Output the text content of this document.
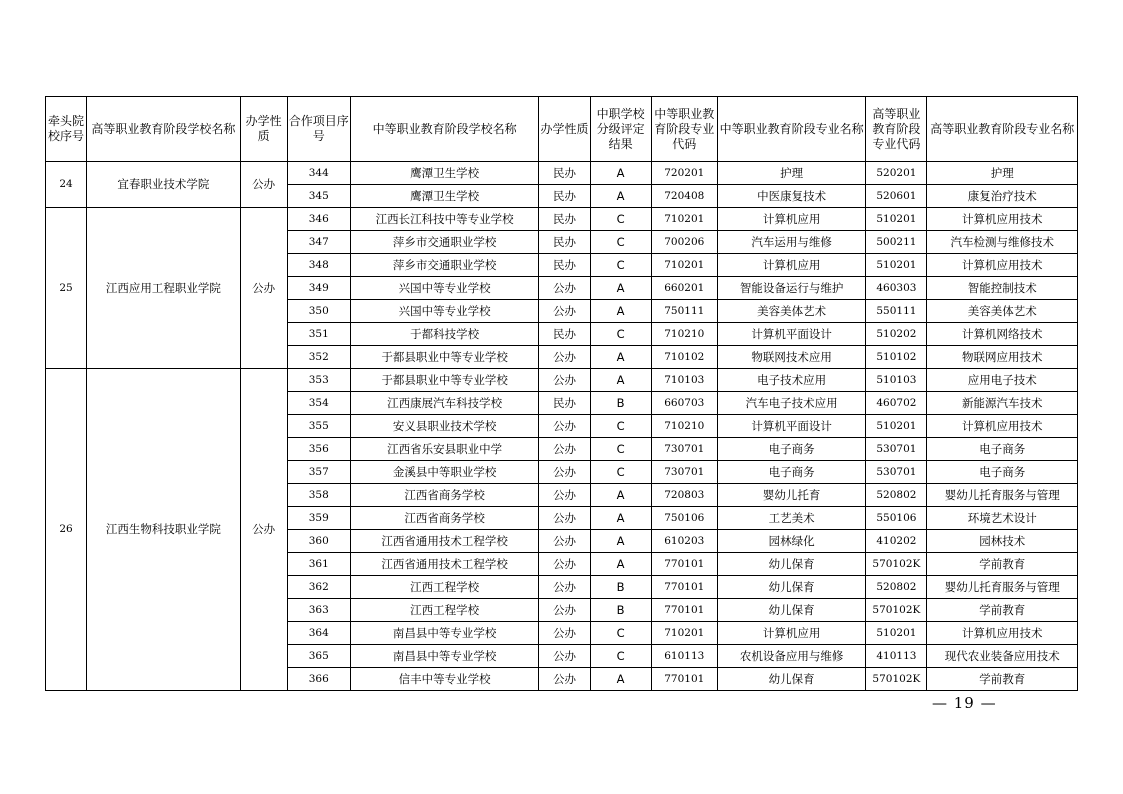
牵头院校序号	高等职业教育阶段学校名称	办学性质	合作项目序号	中等职业教育阶段学校名称	办学性质	中职学校分级评定结果	中等职业教育阶段专业代码	中等职业教育阶段专业名称	高等职业教育阶段专业代码	高等职业教育阶段专业名称
24	宜春职业技术学院	公办	344	鹰潭卫生学校	民办	A	720201	护理	520201	护理
			345	鹰潭卫生学校	民办	A	720408	中医康复技术	520601	康复治疗技术
25	江西应用工程职业学院	公办	346	江西长江科技中等专业学校	民办	C	710201	计算机应用	510201	计算机应用技术
			347	萍乡市交通职业学校	民办	C	700206	汽车运用与维修	500211	汽车检测与维修技术
			348	萍乡市交通职业学校	民办	C	710201	计算机应用	510201	计算机应用技术
			349	兴国中等专业学校	公办	A	660201	智能设备运行与维护	460303	智能控制技术
			350	兴国中等专业学校	公办	A	750111	美容美体艺术	550111	美容美体艺术
			351	于都科技学校	民办	C	710210	计算机平面设计	510202	计算机网络技术
			352	于都县职业中等专业学校	公办	A	710102	物联网技术应用	510102	物联网应用技术
26	江西生物科技职业学院	公办	353	于都县职业中等专业学校	公办	A	710103	电子技术应用	510103	应用电子技术
			354	江西康展汽车科技学校	民办	B	660703	汽车电子技术应用	460702	新能源汽车技术
			355	安义县职业技术学校	公办	C	710210	计算机平面设计	510201	计算机应用技术
			356	江西省乐安县职业中学	公办	C	730701	电子商务	530701	电子商务
			357	金溪县中等职业学校	公办	C	730701	电子商务	530701	电子商务
			358	江西省商务学校	公办	A	720803	婴幼儿托育	520802	婴幼儿托育服务与管理
			359	江西省商务学校	公办	A	750106	工艺美术	550106	环境艺术设计
			360	江西省通用技术工程学校	公办	A	610203	园林绿化	410202	园林技术
			361	江西省通用技术工程学校	公办	A	770101	幼儿保育	570102K	学前教育
			362	江西工程学校	公办	B	770101	幼儿保育	520802	婴幼儿托育服务与管理
			363	江西工程学校	公办	B	770101	幼儿保育	570102K	学前教育
			364	南昌县中等专业学校	公办	C	710201	计算机应用	510201	计算机应用技术
			365	南昌县中等专业学校	公办	C	610113	农机设备应用与维修	410113	现代农业装备应用技术
			366	信丰中等专业学校	公办	A	770101	幼儿保育	570102K	学前教育
— 19 —
